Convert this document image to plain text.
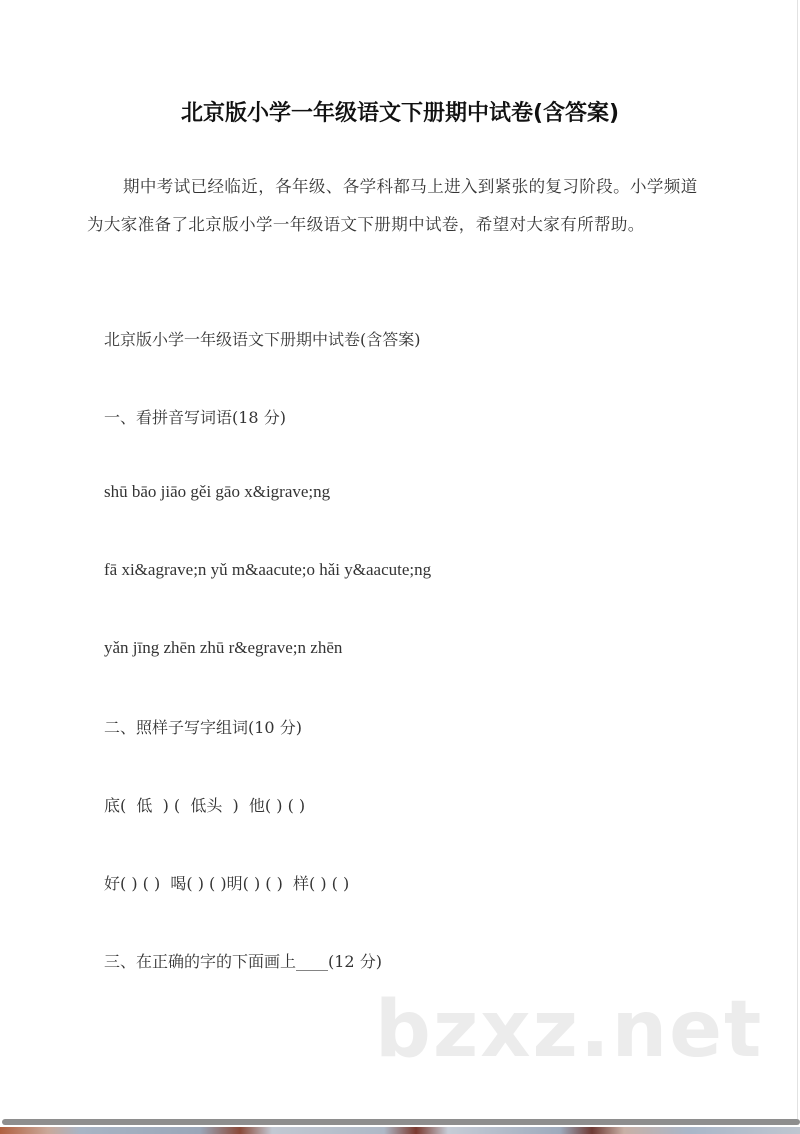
北京版小学一年级语文下册期中试卷(含答案)

期中考试已经临近，各年级、各学科都马上进入到紧张的复习阶段。小学频道为大家准备了北京版小学一年级语文下册期中试卷，希望对大家有所帮助。

北京版小学一年级语文下册期中试卷(含答案)

一、看拼音写词语(18 分)

shū bāo jiāo gěi gāo x&igrave;ng

fā xi&agrave;n yǔ m&aacute;o hǎi y&aacute;ng

yǎn jīng zhēn zhū r&egrave;n zhēn

二、照样子写字组词(10 分)

底(  低  ) (  低头  )  他( ) ( )

好( ) ( )  喝( ) ( )明( ) ( )  样( ) ( )

三、在正确的字的下面画上____(12 分)

bzxz.net
